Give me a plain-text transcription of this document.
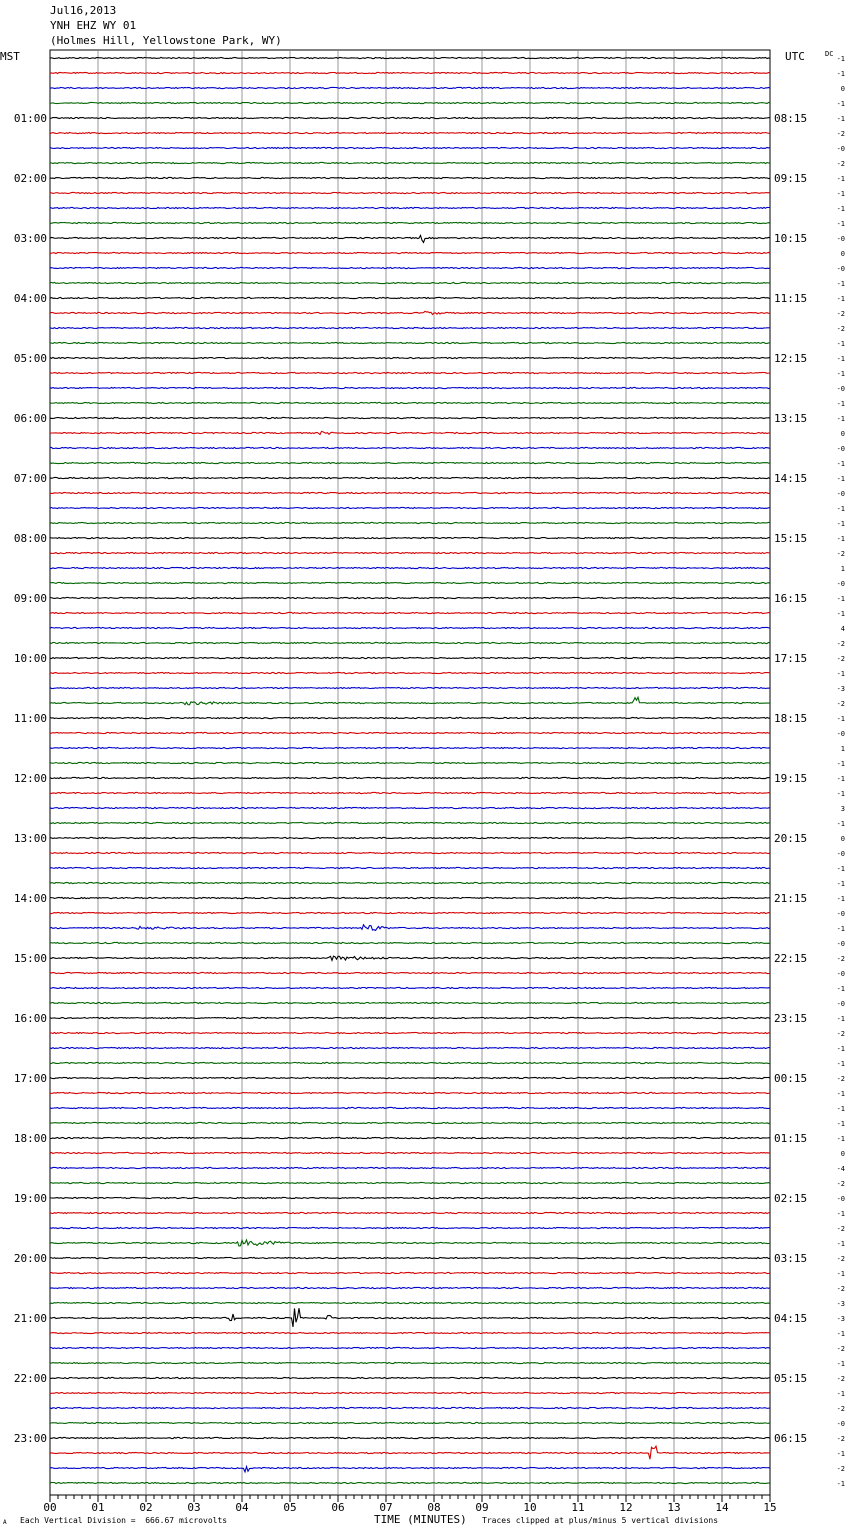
Jul16,2013
YNH EHZ WY 01
(Holmes Hill, Yellowstone Park, WY)
MST	UTC	DC
00	01	02	03	04	05	06	07	08	09	10	11	12	13	14	15
-1
-1
0
-1
-1
01:00	08:15
-2
-0
-2
-1
02:00	09:15
-1
-1
-1
-0
03:00	10:15
0
-0
-1
-1
04:00	11:15
-2
-2
-1
-1
05:00	12:15
-1
-0
-1
-1
06:00	13:15
0
-0
-1
-1
07:00	14:15
-0
-1
-1
-1
08:00	15:15
-2
1
-0
-1
09:00	16:15
-1
4
-2
-2
10:00	17:15
-1
-3
-2
-1
11:00	18:15
-0
1
-1
-1
12:00	19:15
-1
3
-1
0
13:00	20:15
-0
-1
-1
-1
14:00	21:15
-0
-1
-0
-2
15:00	22:15
-0
-1
-0
-1
16:00	23:15
-2
-1
-1
-2
17:00	00:15
-1
-1
-1
-1
18:00	01:15
0
-4
-2
-0
19:00	02:15
-1
-2
-1
-2
20:00	03:15
-1
-2
-3
-3
21:00	04:15
-1
-2
-1
-2
22:00	05:15
-1
-2
-0
-2
23:00	06:15
-1
-2
-1
A Each Vertical Division =  666.67 microvolts	TIME (MINUTES) Traces clipped at plus/minus 5 vertical divisions
